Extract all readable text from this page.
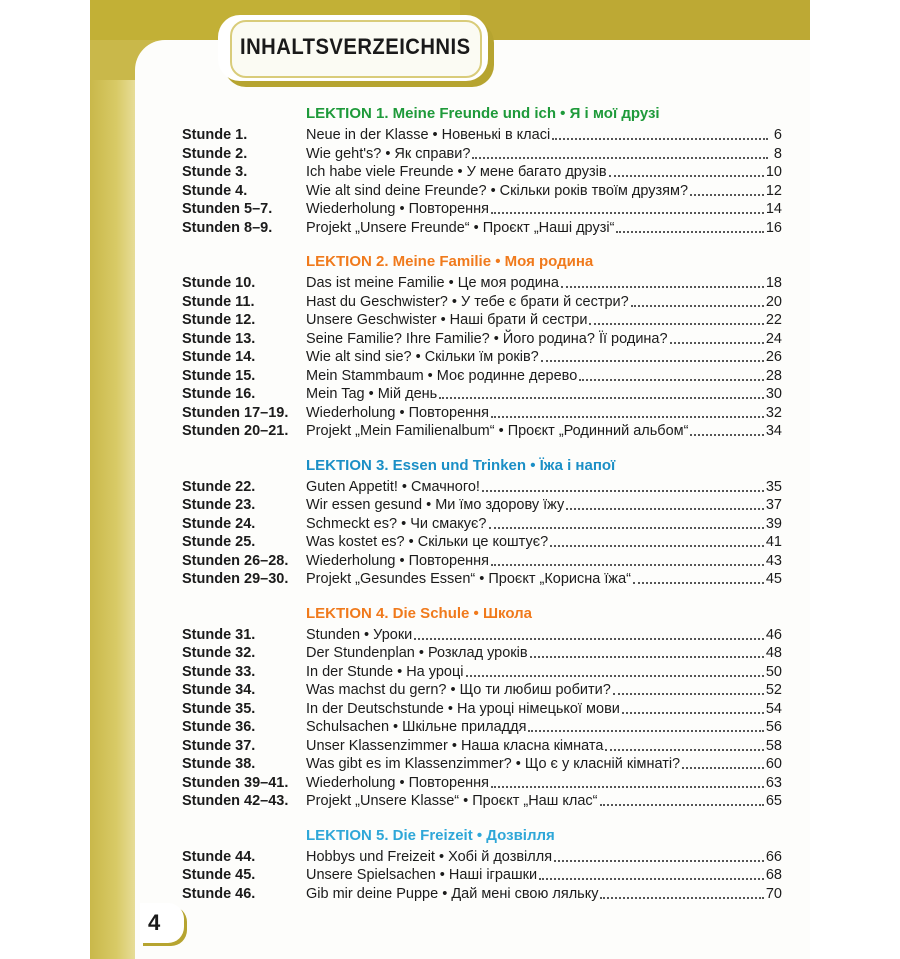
INHALTSVERZEICHNIS
LEKTION 1. Meine Freunde und ich • Я і мої друзі
Stunde 1.	Neue in der Klasse • Новенькі в класі	6
Stunde 2.	Wie geht's? • Як справи?	8
Stunde 3.	Ich habe viele Freunde • У мене багато друзів	10
Stunde 4.	Wie alt sind deine Freunde? • Скільки років твоїм друзям?	12
Stunden 5–7.	Wiederholung • Повторення	14
Stunden 8–9.	Projekt „Unsere Freunde“ • Проєкт „Наші друзі“	16
LEKTION 2. Meine Familie • Моя родина
Stunde 10.	Das ist meine Familie • Це моя родина	18
Stunde 11.	Hast du Geschwister? • У тебе є брати й сестри?	20
Stunde 12.	Unsere Geschwister • Наші брати й сестри	22
Stunde 13.	Seine Familie? Ihre Familie? • Його родина? Її родина?	24
Stunde 14.	Wie alt sind sie? • Скільки їм років?	26
Stunde 15.	Mein Stammbaum • Моє родинне дерево	28
Stunde 16.	Mein Tag • Мій день	30
Stunden 17–19.	Wiederholung • Повторення	32
Stunden 20–21.	Projekt „Mein Familienalbum“ • Проєкт „Родинний альбом“	34
LEKTION 3. Essen und Trinken • Їжа і напої
Stunde 22.	Guten Appetit! • Смачного!	35
Stunde 23.	Wir essen gesund • Ми їмо здорову їжу	37
Stunde 24.	Schmeckt es? • Чи смакує?	39
Stunde 25.	Was kostet es? • Скільки це коштує?	41
Stunden 26–28.	Wiederholung • Повторення	43
Stunden 29–30.	Projekt „Gesundes Essen“ • Проєкт „Корисна їжа“	45
LEKTION 4. Die Schule • Школа
Stunde 31.	Stunden • Уроки	46
Stunde 32.	Der Stundenplan • Розклад уроків	48
Stunde 33.	In der Stunde • На уроці	50
Stunde 34.	Was machst du gern? • Що ти любиш робити?	52
Stunde 35.	In der Deutschstunde • На уроці німецької мови	54
Stunde 36.	Schulsachen • Шкільне приладдя	56
Stunde 37.	Unser Klassenzimmer • Наша класна кімната	58
Stunde 38.	Was gibt es im Klassenzimmer? • Що є у класній кімнаті?	60
Stunden 39–41.	Wiederholung • Повторення	63
Stunden 42–43.	Projekt „Unsere Klasse“ • Проєкт „Наш клас“	65
LEKTION 5. Die Freizeit • Дозвілля
Stunde 44.	Hobbys und Freizeit • Хобі й дозвілля	66
Stunde 45.	Unsere Spielsachen • Наші іграшки	68
Stunde 46.	Gib mir deine Puppe • Дай мені свою ляльку	70
4
